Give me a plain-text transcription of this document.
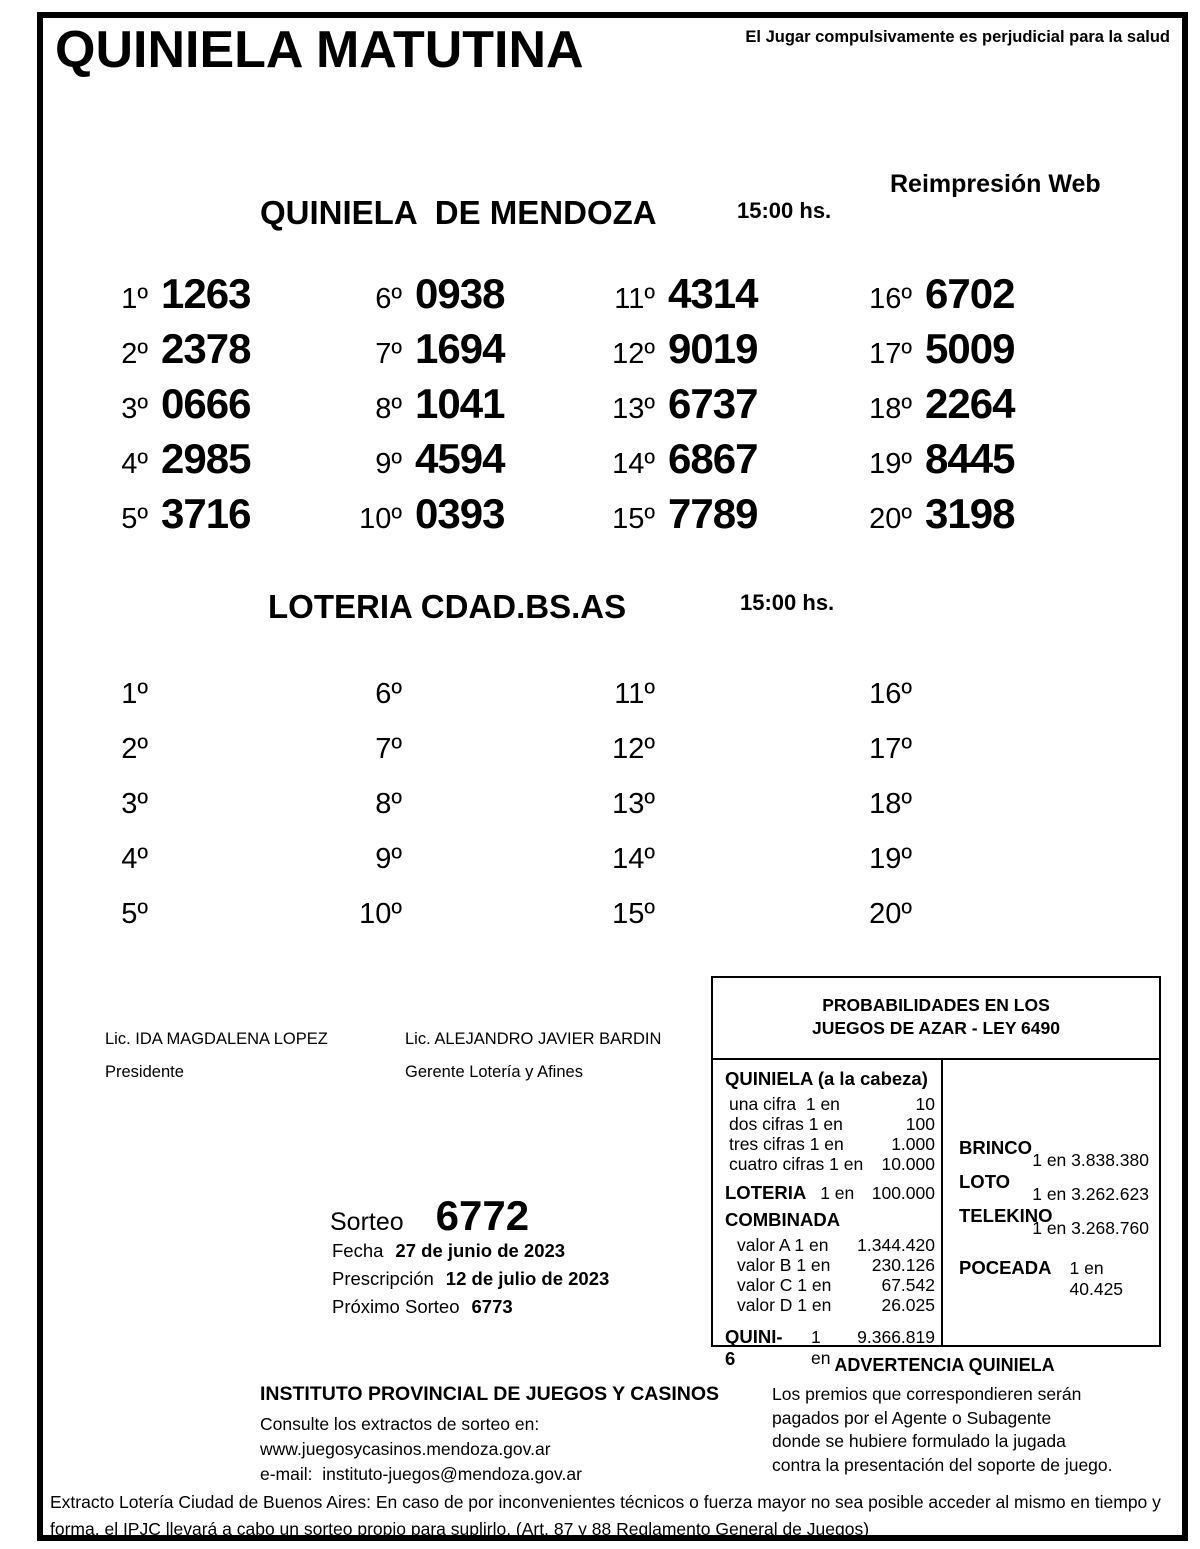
QUINIELA MATUTINA	El Jugar compulsivamente es perjudicial para la salud
Reimpresión Web
QUINIELA  DE MENDOZA	15:00 hs.
1º 1263
2º 2378
3º 0666
4º 2985
5º 3716
6º 0938
7º 1694
8º 1041
9º 4594
10º 0393
11º 4314
12º 9019
13º 6737
14º 6867
15º 7789
16º 6702
17º 5009
18º 2264
19º 8445
20º 3198
LOTERIA CDAD.BS.AS	15:00 hs.
1º
2º
3º
4º
5º
6º
7º
8º
9º
10º
11º
12º
13º
14º
15º
16º
17º
18º
19º
20º
Lic. IDA MAGDALENA LOPEZ
Presidente
Lic. ALEJANDRO JAVIER BARDIN
Gerente Lotería y Afines
PROBABILIDADES EN LOS
JUEGOS DE AZAR - LEY 6490
QUINIELA (a la cabeza)
una cifra  1 en	10
dos cifras 1 en	100
tres cifras 1 en	1.000
cuatro cifras 1 en 10.000
LOTERIA 1 en 100.000
COMBINADA
valor A 1 en 1.344.420
valor B 1 en 230.126
valor C 1 en	67.542
valor D 1 en	26.025
QUINI-6
1 en
9.366.819
BRINCO
1 en 3.838.380
LOTO
1 en 3.262.623
TELEKINO
1 en 3.268.760
POCEADA 1 en 40.425
Sorteo 6772
Fecha 27 de junio de 2023
Prescripción 12 de julio de 2023
Próximo Sorteo 6773
INSTITUTO PROVINCIAL DE JUEGOS Y CASINOS
Consulte los extractos de sorteo en:
www.juegosycasinos.mendoza.gov.ar
e-mail:  instituto-juegos@mendoza.gov.ar
ADVERTENCIA QUINIELA
Los premios que correspondieren serán
pagados por el Agente o Subagente
donde se hubiere formulado la jugada
contra la presentación del soporte de juego.
Extracto Lotería Ciudad de Buenos Aires: En caso de por inconvenientes técnicos o fuerza mayor no sea posible acceder al mismo en tiempo y
forma, el IPJC llevará a cabo un sorteo propio para suplirlo. (Art. 87 y 88 Reglamento General de Juegos)
